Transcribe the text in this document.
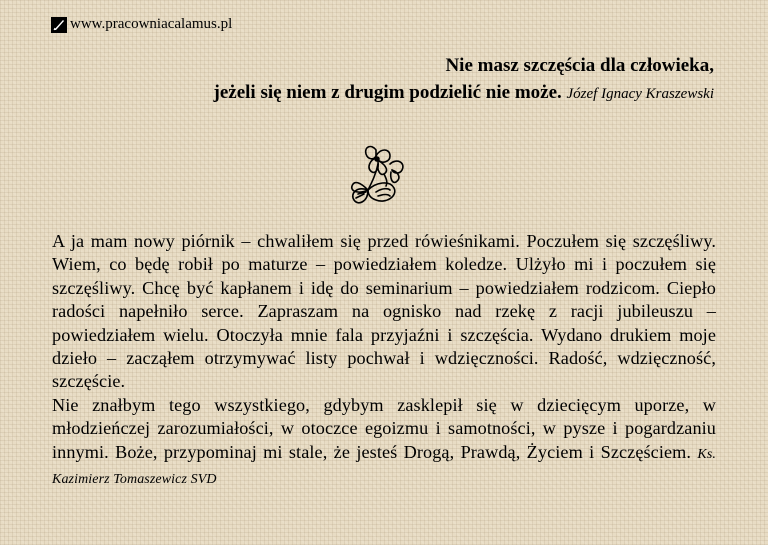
www.pracowniacalamus.pl
Nie masz szczęścia dla człowieka,
jeżeli się niem z drugim podzielić nie może. Józef Ignacy Kraszewski

A ja mam nowy piórnik – chwaliłem się przed rówieśnikami. Poczułem się szczęśliwy. Wiem, co będę robił po maturze – powiedziałem koledze. Ulżyło mi i poczułem się szczęśliwy. Chcę być kapłanem i idę do seminarium – powiedziałem rodzicom. Ciepło radości napełniło serce. Zapraszam na ognisko nad rzekę z racji jubileuszu – powiedziałem wielu. Otoczyła mnie fala przyjaźni i szczęścia. Wydano drukiem moje dzieło – zacząłem otrzymywać listy pochwał i wdzięczności. Radość, wdzięczność, szczęście.

Nie znałbym tego wszystkiego, gdybym zasklepił się w dziecięcym uporze, w młodzieńczej zarozumiałości, w otoczce egoizmu i samotności, w pysze i pogardzaniu innymi. Boże, przypominaj mi stale, że jesteś Drogą, Prawdą, Życiem i Szczęściem. Ks. Kazimierz Tomaszewicz SVD
